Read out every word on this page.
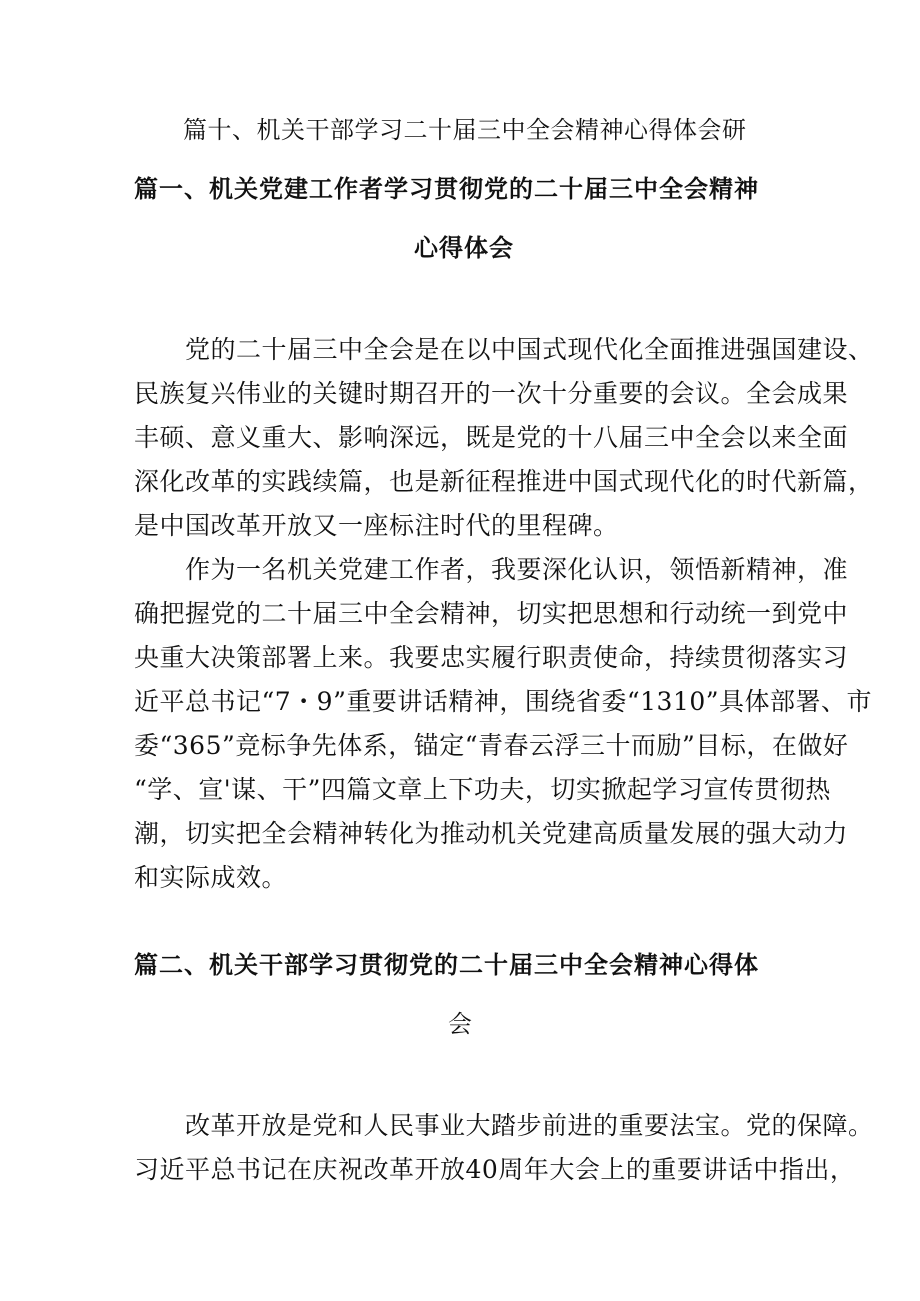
篇十、机关干部学习二十届三中全会精神心得体会研
篇一、机关党建工作者学习贯彻党的二十届三中全会精神
心得体会
　　党的二十届三中全会是在以中国式现代化全面推进强国建设、
民族复兴伟业的关键时期召开的一次十分重要的会议。全会成果
丰硕、意义重大、影响深远，既是党的十八届三中全会以来全面
深化改革的实践续篇，也是新征程推进中国式现代化的时代新篇，
是中国改革开放又一座标注时代的里程碑。
　　作为一名机关党建工作者，我要深化认识，领悟新精神，准
确把握党的二十届三中全会精神，切实把思想和行动统一到党中
央重大决策部署上来。我要忠实履行职责使命，持续贯彻落实习
近平总书记“7・9”重要讲话精神，围绕省委“1310”具体部署、市
委“365”竞标争先体系，锚定“青春云浮三十而励”目标，在做好
“学、宣'谋、干”四篇文章上下功夫，切实掀起学习宣传贯彻热
潮，切实把全会精神转化为推动机关党建高质量发展的强大动力
和实际成效。
篇二、机关干部学习贯彻党的二十届三中全会精神心得体
会
　　改革开放是党和人民事业大踏步前进的重要法宝。党的保障。
习近平总书记在庆祝改革开放40周年大会上的重要讲话中指出，
